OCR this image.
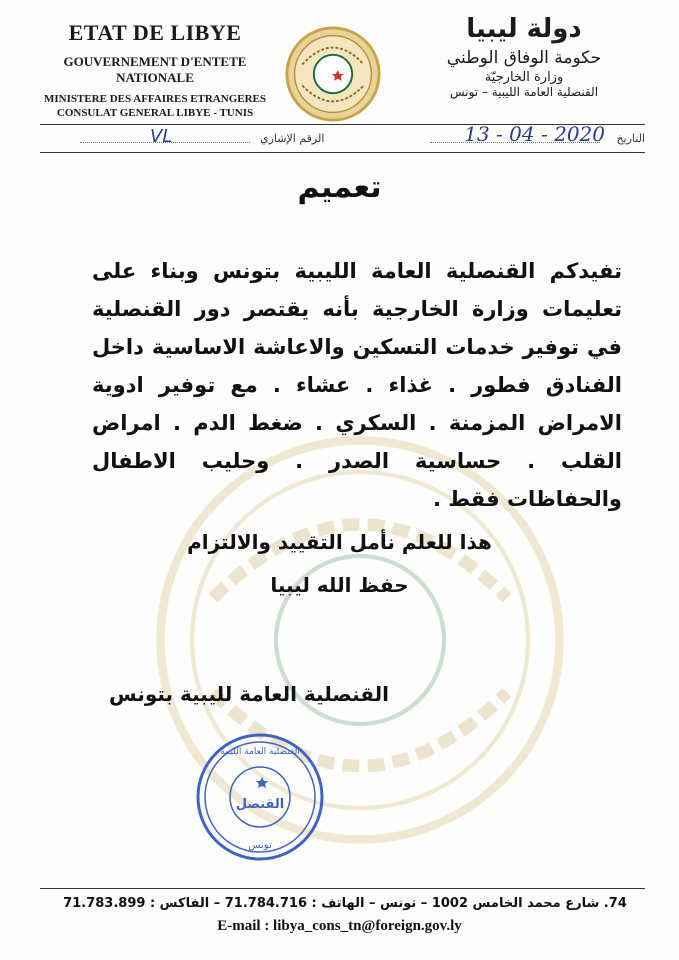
ETAT DE LIBYE
GOUVERNEMENT D'ENTETE NATIONALE
MINISTERE DES AFFAIRES ETRANGERES
CONSULAT GENERAL LIBYE - TUNIS
دولة ليبيا
حكومة الوفاق الوطني
وزارة الخارجيّة
القنصلية العامة الليبية – تونس
التاريخ
13 - 04 - 2020
الرقم الإشاري
VL
تعميم
تفيدكم القنصلية العامة الليبية بتونس وبناء على تعليمات وزارة الخارجية بأنه يقتصر دور القنصلية في توفير خدمات التسكين والاعاشة الاساسية داخل الفنادق فطور . غذاء . عشاء . مع توفير ادوية الامراض المزمنة . السكري . ضغط الدم . امراض القلب . حساسية الصدر . وحليب الاطفال والحفاظات فقط .
هذا للعلم نأمل التقييد والالتزام
حفظ الله ليبيا
القنصلية العامة لليبية بتونس
القنصل
القنصلية العامة الليبية
تونس
74. شارع محمد الخامس 1002 – تونس – الهاتف : 71.784.716 – الفاكس : 71.783.899
E-mail : libya_cons_tn@foreign.gov.ly
